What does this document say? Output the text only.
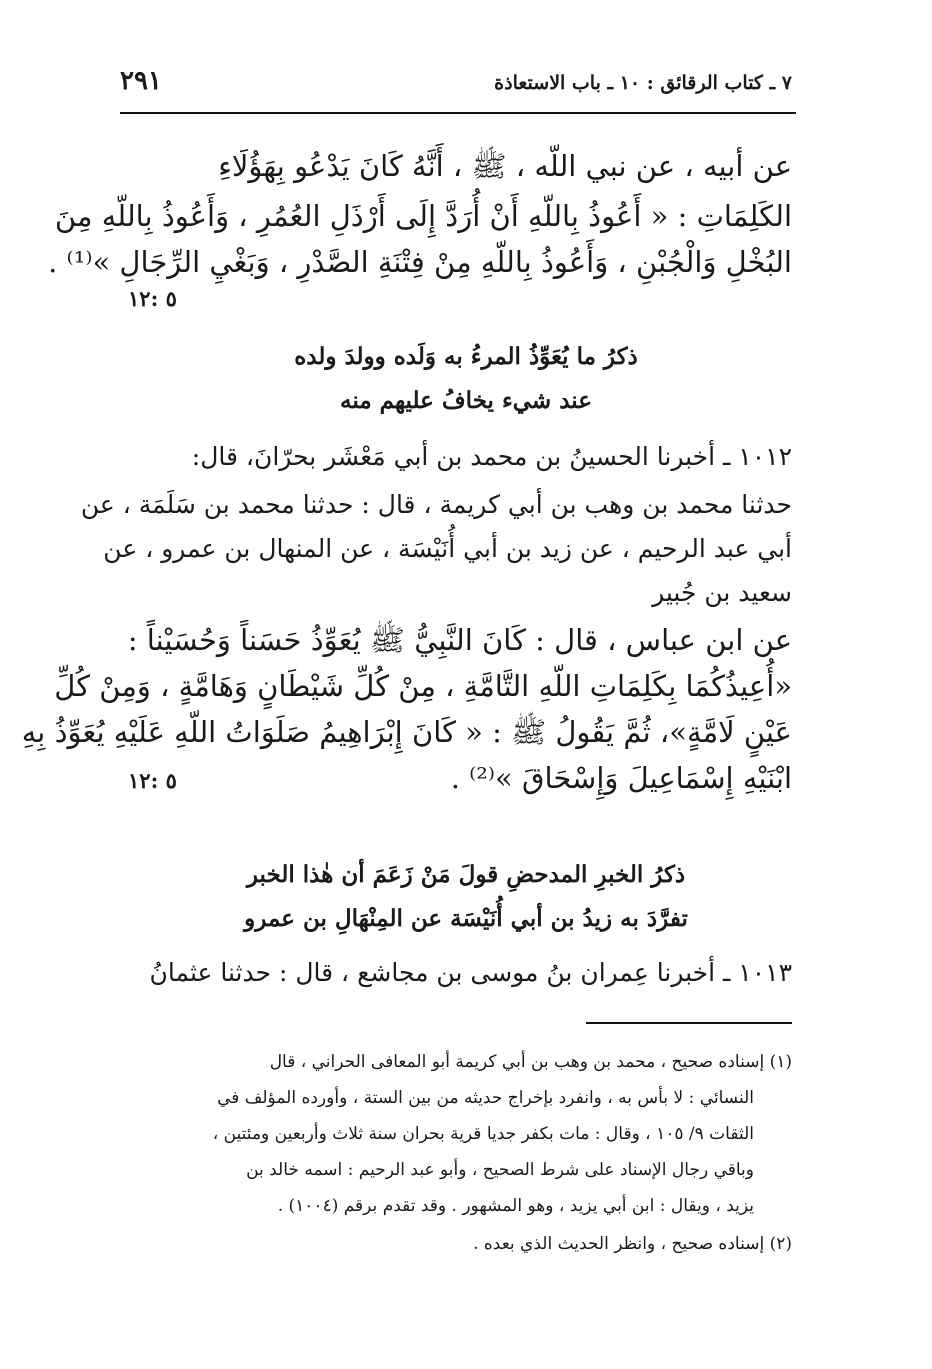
٢٩١	٧ ـ كتاب الرقائق : ١٠ ـ باب الاستعاذة
عن أبيه ، عن نبي اللّه ، ﷺ ، أَنَّهُ كَانَ يَدْعُو بِهَؤُلَاءِ
الكَلِمَاتِ : « أَعُوذُ بِاللّهِ أَنْ أُرَدَّ إِلَى أَرْذَلِ العُمُرِ ، وَأَعُوذُ بِاللّهِ مِنَ
البُخْلِ وَالْجُبْنِ ، وَأَعُوذُ بِاللّهِ مِنْ فِتْنَةِ الصَّدْرِ ، وَبَغْيِ الرِّجَالِ »⁽¹⁾ .
٥ :١٢
ذكرُ ما يُعَوِّذُ المرءُ به وَلَده وولدَ ولده
عند شيء يخافُ عليهم منه
١٠١٢ ـ أخبرنا الحسينُ بن محمد بن أبي مَعْشَر بحرّانَ، قال:
حدثنا محمد بن وهب بن أبي كريمة ، قال : حدثنا محمد بن سَلَمَة ، عن
أبي عبد الرحيم ، عن زيد بن أبي أُنَيْسَة ، عن المنهال بن عمرو ، عن
سعيد بن جُبير
عن ابن عباس ، قال : كَانَ النَّبِيُّ ﷺ يُعَوِّذُ حَسَناً وَحُسَيْناً :
«أُعِيذُكُمَا بِكَلِمَاتِ اللّهِ التَّامَّةِ ، مِنْ كُلِّ شَيْطَانٍ وَهَامَّةٍ ، وَمِنْ كُلِّ
عَيْنٍ لَامَّةٍ»، ثُمَّ يَقُولُ ﷺ : « كَانَ إِبْرَاهِيمُ صَلَوَاتُ اللّهِ عَلَيْهِ يُعَوِّذُ بِهِ
ابْنَيْهِ إِسْمَاعِيلَ وَإِسْحَاقَ »⁽²⁾ .
٥ :١٢
ذكرُ الخبرِ المدحضِ قولَ مَنْ زَعَمَ أن هٰذا الخبر
تفرَّدَ به زيدُ بن أبي أُنَيْسَة عن المِنْهَالِ بن عمرو
١٠١٣ ـ أخبرنا عِمران بنُ موسى بن مجاشع ، قال : حدثنا عثمانُ
(١) إسناده صحيح ، محمد بن وهب بن أبي كريمة أبو المعافى الحراني ، قال
النسائي : لا بأس به ، وانفرد بإخراج حديثه من بين الستة ، وأورده المؤلف في
الثقات ٩/ ١٠٥ ، وقال : مات بكفر جديا قرية بحران سنة ثلاث وأربعين ومئتين ،
وباقي رجال الإسناد على شرط الصحيح ، وأبو عبد الرحيم : اسمه خالد بن
يزيد ، ويقال : ابن أبي يزيد ، وهو المشهور . وقد تقدم برقم (١٠٠٤) .
(٢) إسناده صحيح ، وانظر الحديث الذي بعده .
